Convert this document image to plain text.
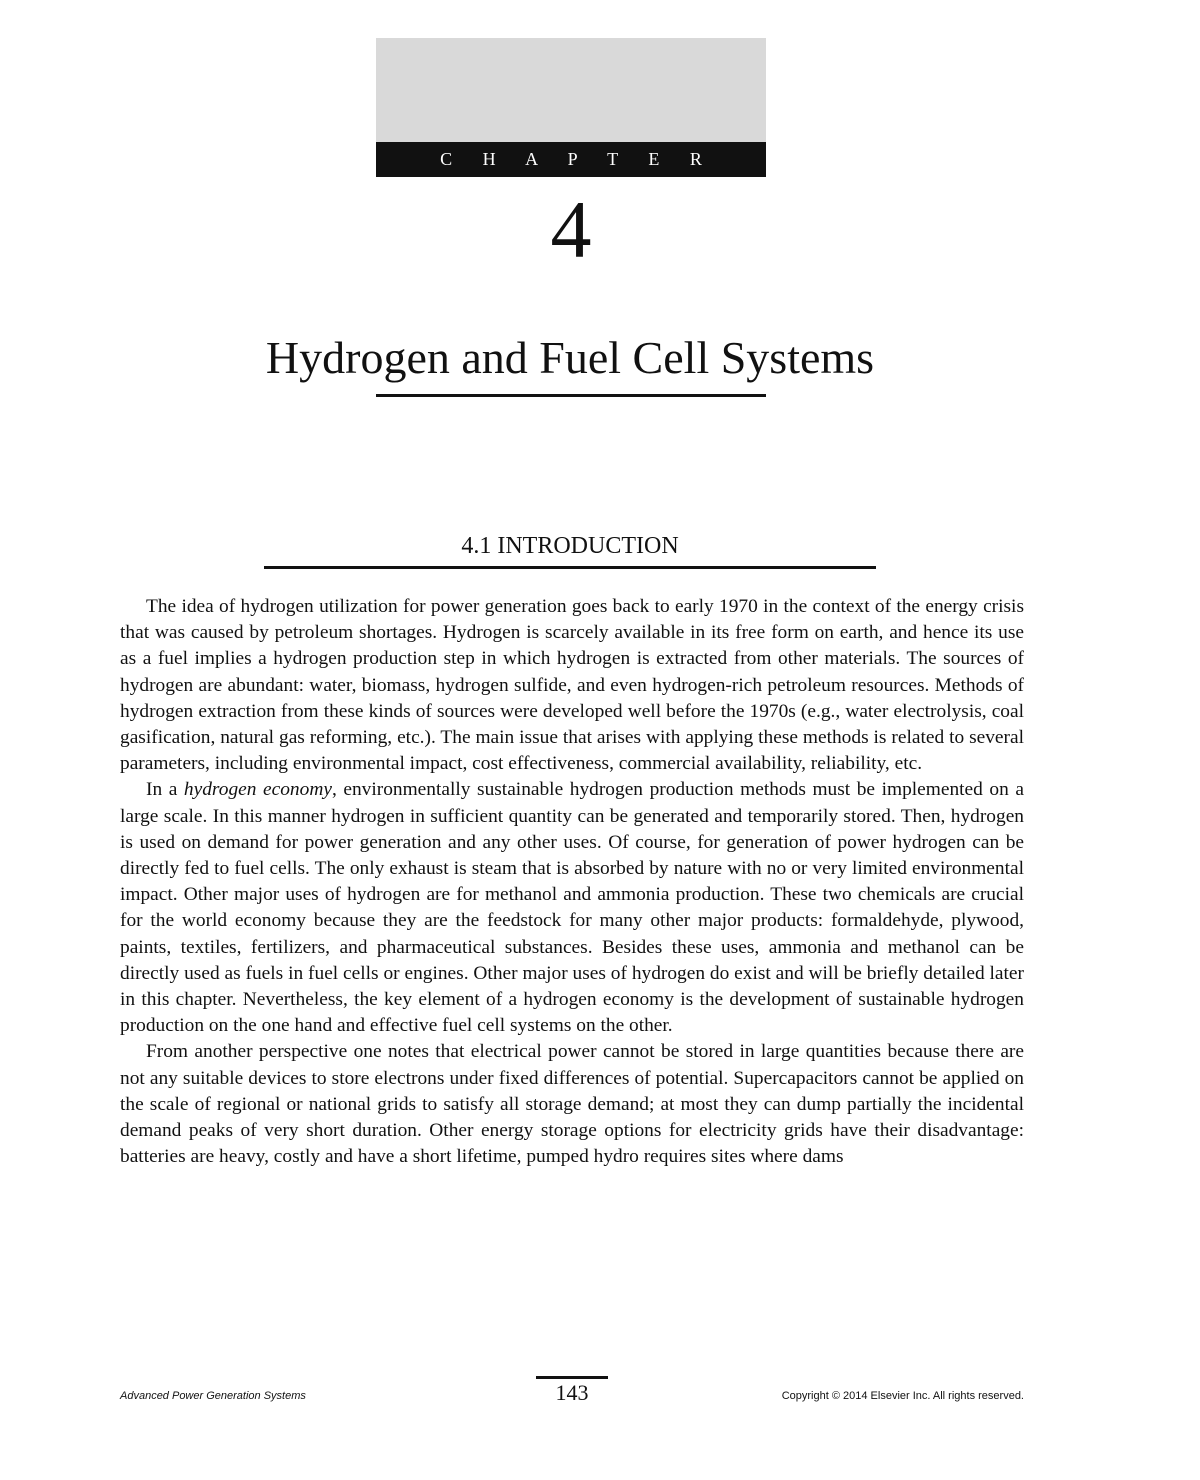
C H A P T E R
4
Hydrogen and Fuel Cell Systems
4.1 INTRODUCTION

The idea of hydrogen utilization for power generation goes back to early 1970 in the context of the energy crisis that was caused by petroleum shortages. Hydrogen is scarcely available in its free form on earth, and hence its use as a fuel implies a hydrogen production step in which hydrogen is extracted from other materials. The sources of hydrogen are abundant: water, biomass, hydrogen sulfide, and even hydrogen-rich petroleum resources. Methods of hydrogen extraction from these kinds of sources were developed well before the 1970s (e.g., water electrolysis, coal gasification, natural gas reforming, etc.). The main issue that arises with applying these methods is related to several parameters, including environmental impact, cost effectiveness, commercial availability, reliability, etc.

In a hydrogen economy, environmentally sustainable hydrogen production methods must be implemented on a large scale. In this manner hydrogen in sufficient quantity can be generated and temporarily stored. Then, hydrogen is used on demand for power generation and any other uses. Of course, for generation of power hydrogen can be directly fed to fuel cells. The only exhaust is steam that is absorbed by nature with no or very limited environmental impact. Other major uses of hydrogen are for methanol and ammonia production. These two chemicals are crucial for the world economy because they are the feedstock for many other major products: formaldehyde, plywood, paints, textiles, fertilizers, and pharmaceutical substances. Besides these uses, ammonia and methanol can be directly used as fuels in fuel cells or engines. Other major uses of hydrogen do exist and will be briefly detailed later in this chapter. Nevertheless, the key element of a hydrogen economy is the development of sustainable hydrogen production on the one hand and effective fuel cell systems on the other.

From another perspective one notes that electrical power cannot be stored in large quantities because there are not any suitable devices to store electrons under fixed differences of potential. Supercapacitors cannot be applied on the scale of regional or national grids to satisfy all storage demand; at most they can dump partially the incidental demand peaks of very short duration. Other energy storage options for electricity grids have their disadvantage: batteries are heavy, costly and have a short lifetime, pumped hydro requires sites where dams

Advanced Power Generation Systems	143	Copyright © 2014 Elsevier Inc. All rights reserved.
